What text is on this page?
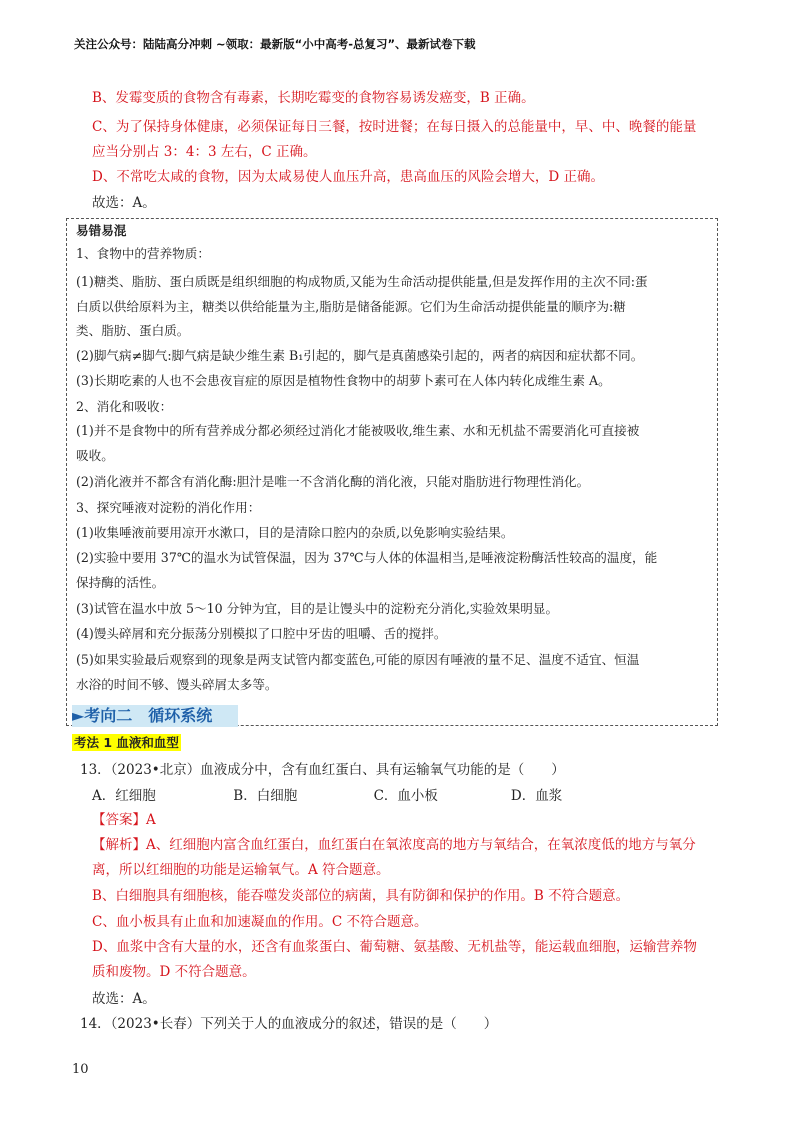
关注公众号：陆陆高分冲刺 ~领取：最新版“小中高考-总复习”、最新试卷下载
B、发霉变质的食物含有毒素，长期吃霉变的食物容易诱发癌变，B 正确。
C、为了保持身体健康，必须保证每日三餐，按时进餐；在每日摄入的总能量中，早、中、晚餐的能量
应当分别占 3：4：3 左右，C 正确。
D、不常吃太咸的食物，因为太咸易使人血压升高，患高血压的风险会增大，D 正确。
故选：A。
易错易混
1、食物中的营养物质：
(1)糖类、脂肪、蛋白质既是组织细胞的构成物质,又能为生命活动提供能量,但是发挥作用的主次不同:蛋
白质以供给原料为主，糖类以供给能量为主,脂肪是储备能源。它们为生命活动提供能量的顺序为:糖
类、脂肪、蛋白质。
(2)脚气病≠脚气:脚气病是缺少维生素 B₁引起的，脚气是真菌感染引起的，两者的病因和症状都不同。
(3)长期吃素的人也不会患夜盲症的原因是植物性食物中的胡萝卜素可在人体内转化成维生素 A。
2、消化和吸收：
(1)并不是食物中的所有营养成分都必须经过消化才能被吸收,维生素、水和无机盐不需要消化可直接被
吸收。
(2)消化液并不都含有消化酶:胆汁是唯一不含消化酶的消化液，只能对脂肪进行物理性消化。
3、探究唾液对淀粉的消化作用：
(1)收集唾液前要用凉开水漱口，目的是清除口腔内的杂质,以免影响实验结果。
(2)实验中要用 37℃的温水为试管保温，因为 37℃与人体的体温相当,是唾液淀粉酶活性较高的温度，能
保持酶的活性。
(3)试管在温水中放 5～10 分钟为宜，目的是让馒头中的淀粉充分消化,实验效果明显。
(4)馒头碎屑和充分振荡分别模拟了口腔中牙齿的咀嚼、舌的搅拌。
(5)如果实验最后观察到的现象是两支试管内都变蓝色,可能的原因有唾液的量不足、温度不适宜、恒温
水浴的时间不够、馒头碎屑太多等。
►考向二　循环系统
考法 1 血液和血型
13．（2023•北京）血液成分中，含有血红蛋白、具有运输氧气功能的是（　　）
A．红细胞	B．白细胞	C．血小板	D．血浆
【答案】A
【解析】A、红细胞内富含血红蛋白，血红蛋白在氧浓度高的地方与氧结合，在氧浓度低的地方与氧分
离，所以红细胞的功能是运输氧气。A 符合题意。
B、白细胞具有细胞核，能吞噬发炎部位的病菌，具有防御和保护的作用。B 不符合题意。
C、血小板具有止血和加速凝血的作用。C 不符合题意。
D、血浆中含有大量的水，还含有血浆蛋白、葡萄糖、氨基酸、无机盐等，能运载血细胞，运输营养物
质和废物。D 不符合题意。
故选：A。
14．（2023•长春）下列关于人的血液成分的叙述，错误的是（　　）
10
